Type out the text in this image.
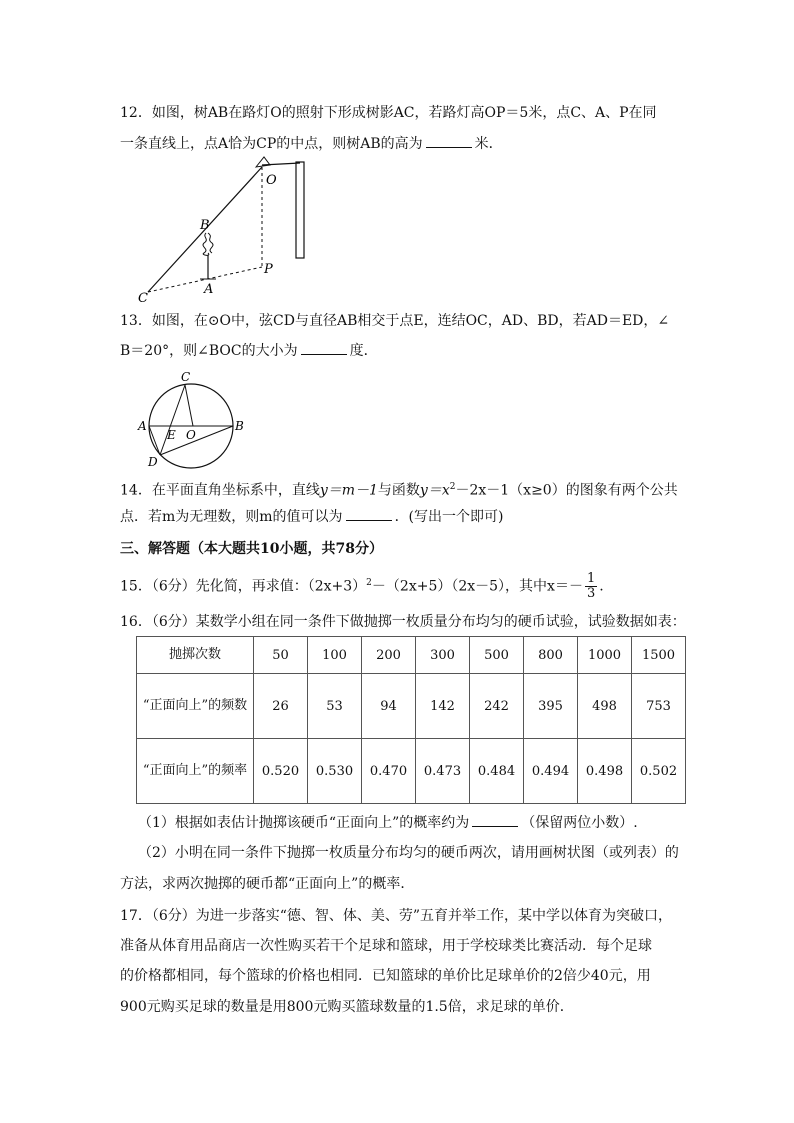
12．如图，树AB在路灯O的照射下形成树影AC，若路灯高OP＝5米，点C、A、P在同
一条直线上，点A恰为CP的中点，则树AB的高为	米．
O
B
P
A
C
13．如图，在⊙O中，弦CD与直径AB相交于点E，连结OC，AD、BD，若AD＝ED，∠
B＝20°，则∠BOC的大小为	度．
C
A
E O
B
D
14．在平面直角坐标系中，直线y＝m－1与函数$y=x^2-2x-1(x\ge 0)$的图象有两个公共
点．若m为无理数，则m的值可以为	．(写出一个即可)
三、解答题（本大题共10小题，共78分）
15．（6分）先化简，再求值：$(2x+3)^2-(2x+5)(2x-5)$，其中$x=- \frac{1}{3}$ .
16．（6分）某数学小组在同一条件下做抛掷一枚质量分布均匀的硬币试验，试验数据如表：
抛掷次数	50	100	200	300	500	800	1000	1500
“正面向上”的频数	26	53	94	142	242	395	498	753
“正面向上”的频率	0.520	0.530	0.470	0.473	0.484	0.494	0.498	0.502
（1）根据如表估计抛掷该硬币“正面向上”的概率约为	（保留两位小数）.
（2）小明在同一条件下抛掷一枚质量分布均匀的硬币两次，请用画树状图（或列表）的
方法，求两次抛掷的硬币都“正面向上”的概率．
17．（6分）为进一步落实“德、智、体、美、劳”五育并举工作，某中学以体育为突破口，
准备从体育用品商店一次性购买若干个足球和篮球，用于学校球类比赛活动．每个足球
的价格都相同，每个篮球的价格也相同．已知篮球的单价比足球单价的2倍少40元，用
900元购买足球的数量是用800元购买篮球数量的1.5倍，求足球的单价．
